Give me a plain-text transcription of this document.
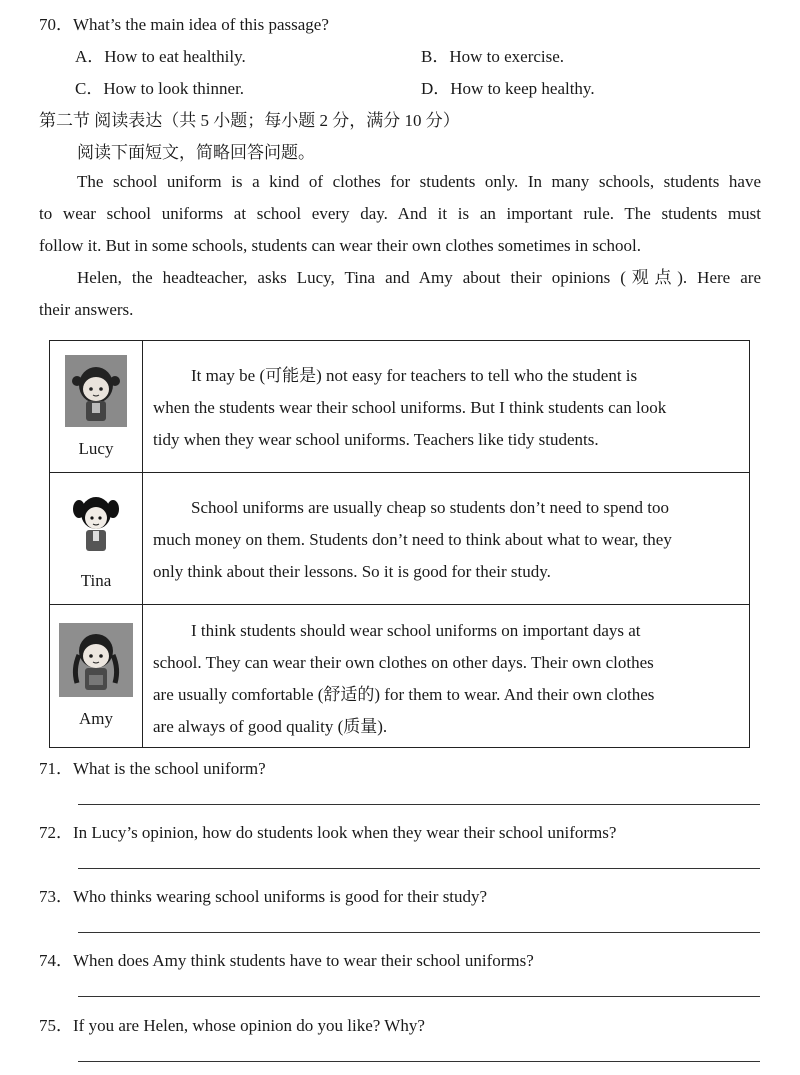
70．What’s the main idea of this passage?
A．How to eat healthily.	B．How to exercise.
C．How to look thinner.	D．How to keep healthy.
第二节 阅读表达（共 5 小题；每小题 2 分，满分 10 分）
阅读下面短文，简略回答问题。
The school uniform is a kind of clothes for students only. In many schools, students have
to wear school uniforms at school every day. And it is an important rule. The students must
follow it. But in some schools, students can wear their own clothes sometimes in school.
Helen, the headteacher, asks Lucy, Tina and Amy about their opinions (观点). Here are
their answers.
Lucy	It may be (可能是) not easy for teachers to tell who the student is
when the students wear their school uniforms. But I think students can look
tidy when they wear school uniforms. Teachers like tidy students.

Tina	School uniforms are usually cheap so students don’t need to spend too
much money on them. Students don’t need to think about what to wear, they
only think about their lessons. So it is good for their study.

Amy	I think students should wear school uniforms on important days at
school. They can wear their own clothes on other days. Their own clothes
are usually comfortable (舒适的) for them to wear. And their own clothes
are always of good quality (质量).
71．What is the school uniform?
72．In Lucy’s opinion, how do students look when they wear their school uniforms?
73．Who thinks wearing school uniforms is good for their study?
74．When does Amy think students have to wear their school uniforms?
75．If you are Helen, whose opinion do you like? Why?
